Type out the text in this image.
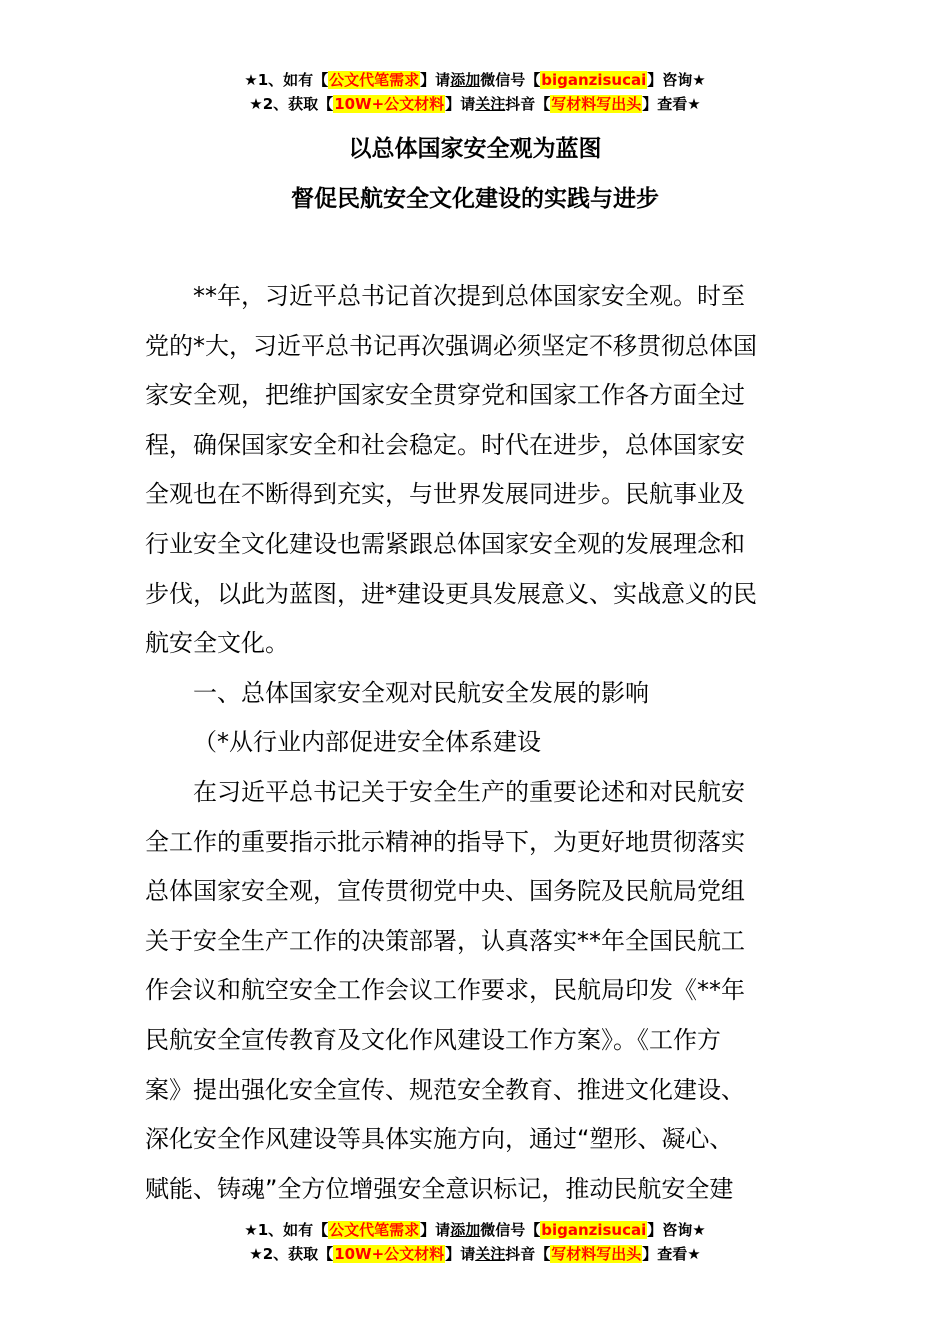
★1、如有【公文代笔需求】请添加微信号【biganzisucai】咨询★
★2、获取【10W+公文材料】请关注抖音【写材料写出头】查看★
以总体国家安全观为蓝图
督促民航安全文化建设的实践与进步
**年，习近平总书记首次提到总体国家安全观。时至
党的*大，习近平总书记再次强调必须坚定不移贯彻总体国
家安全观，把维护国家安全贯穿党和国家工作各方面全过
程，确保国家安全和社会稳定。时代在进步，总体国家安
全观也在不断得到充实，与世界发展同进步。民航事业及
行业安全文化建设也需紧跟总体国家安全观的发展理念和
步伐，以此为蓝图，进*建设更具发展意义、实战意义的民
航安全文化。
一、总体国家安全观对民航安全发展的影响
（*从行业内部促进安全体系建设
在习近平总书记关于安全生产的重要论述和对民航安
全工作的重要指示批示精神的指导下，为更好地贯彻落实
总体国家安全观，宣传贯彻党中央、国务院及民航局党组
关于安全生产工作的决策部署，认真落实**年全国民航工
作会议和航空安全工作会议工作要求，民航局印发《**年
民航安全宣传教育及文化作风建设工作方案》。《工作方
案》提出强化安全宣传、规范安全教育、推进文化建设、
深化安全作风建设等具体实施方向，通过“塑形、凝心、
赋能、铸魂”全方位增强安全意识标记，推动民航安全建
★1、如有【公文代笔需求】请添加微信号【biganzisucai】咨询★
★2、获取【10W+公文材料】请关注抖音【写材料写出头】查看★
